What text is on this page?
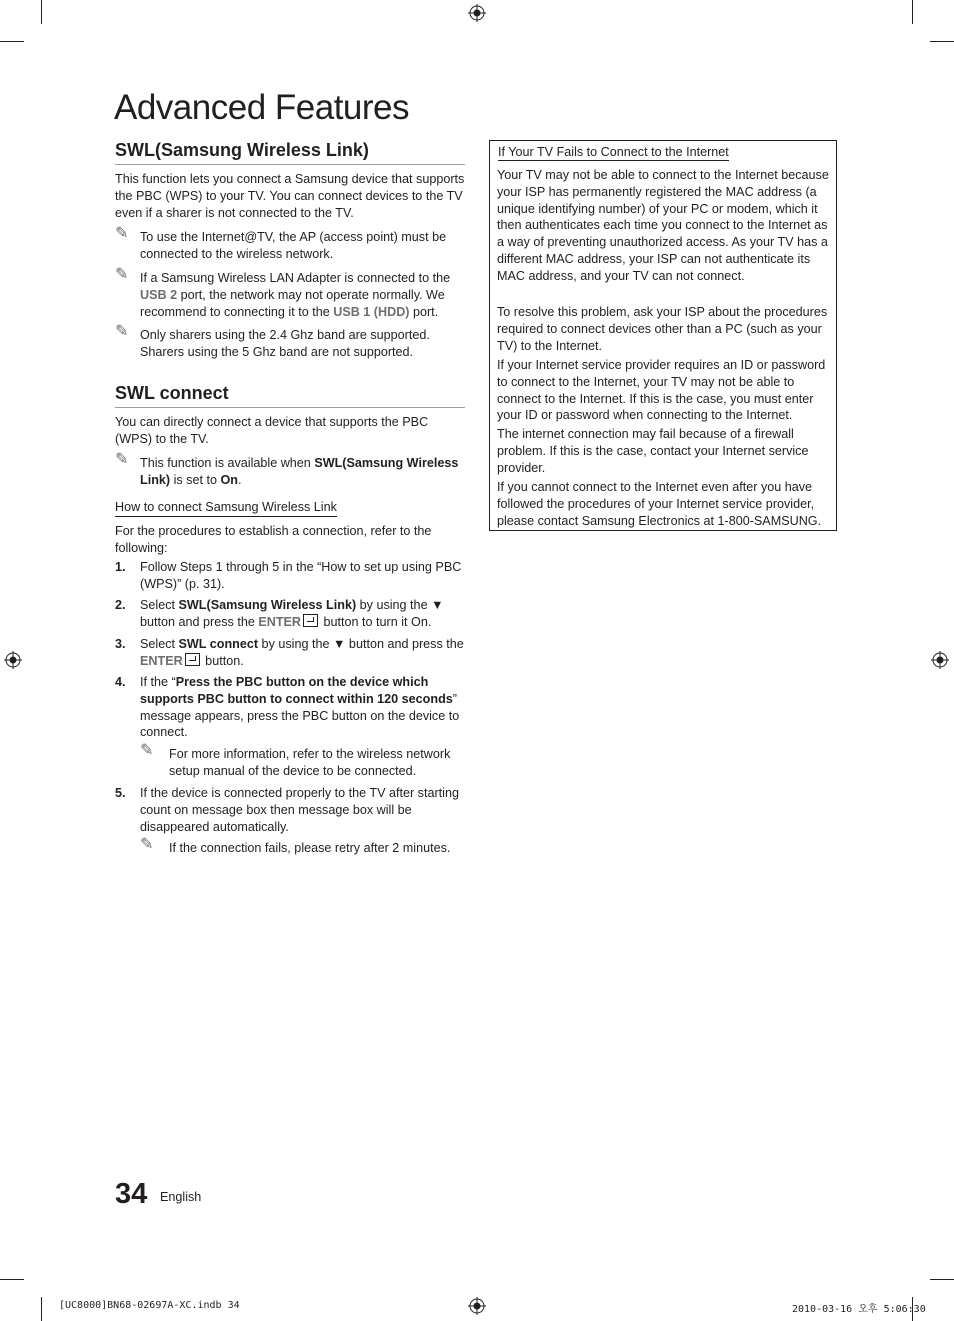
Advanced Features
SWL(Samsung Wireless Link)
This function lets you connect a Samsung device that supports the PBC (WPS) to your TV. You can connect devices to the TV even if a sharer is not connected to the TV.
✎ To use the Internet@TV, the AP (access point) must be connected to the wireless network.
✎ If a Samsung Wireless LAN Adapter is connected to the USB 2 port, the network may not operate normally. We recommend to connecting it to the USB 1 (HDD) port.
✎ Only sharers using the 2.4 Ghz band are supported. Sharers using the 5 Ghz band are not supported.
SWL connect
You can directly connect a device that supports the PBC (WPS) to the TV.
✎ This function is available when SWL(Samsung Wireless Link) is set to On.
How to connect Samsung Wireless Link
For the procedures to establish a connection, refer to the following:
1. Follow Steps 1 through 5 in the “How to set up using PBC (WPS)” (p. 31).
2. Select SWL(Samsung Wireless Link) by using the ▼ button and press the ENTER button to turn it On.
3. Select SWL connect by using the ▼ button and press the ENTER button.
4. If the “Press the PBC button on the device which supports PBC button to connect within 120 seconds” message appears, press the PBC button on the device to connect.
✎ For more information, refer to the wireless network setup manual of the device to be connected.
5. If the device is connected properly to the TV after starting count on message box then message box will be disappeared automatically.
✎ If the connection fails, please retry after 2 minutes.
If Your TV Fails to Connect to the Internet

Your TV may not be able to connect to the Internet because your ISP has permanently registered the MAC address (a unique identifying number) of your PC or modem, which it then authenticates each time you connect to the Internet as a way of preventing unauthorized access. As your TV has a different MAC address, your ISP can not authenticate its MAC address, and your TV can not connect.

To resolve this problem, ask your ISP about the procedures required to connect devices other than a PC (such as your TV) to the Internet.

If your Internet service provider requires an ID or password to connect to the Internet, your TV may not be able to connect to the Internet. If this is the case, you must enter your ID or password when connecting to the Internet.

The internet connection may fail because of a firewall problem. If this is the case, contact your Internet service provider.

If you cannot connect to the Internet even after you have followed the procedures of your Internet service provider, please contact Samsung Electronics at 1-800-SAMSUNG.

34 English
[UC8000]BN68-02697A-XC.indb 34	2010-03-16 오후 5:06:30
